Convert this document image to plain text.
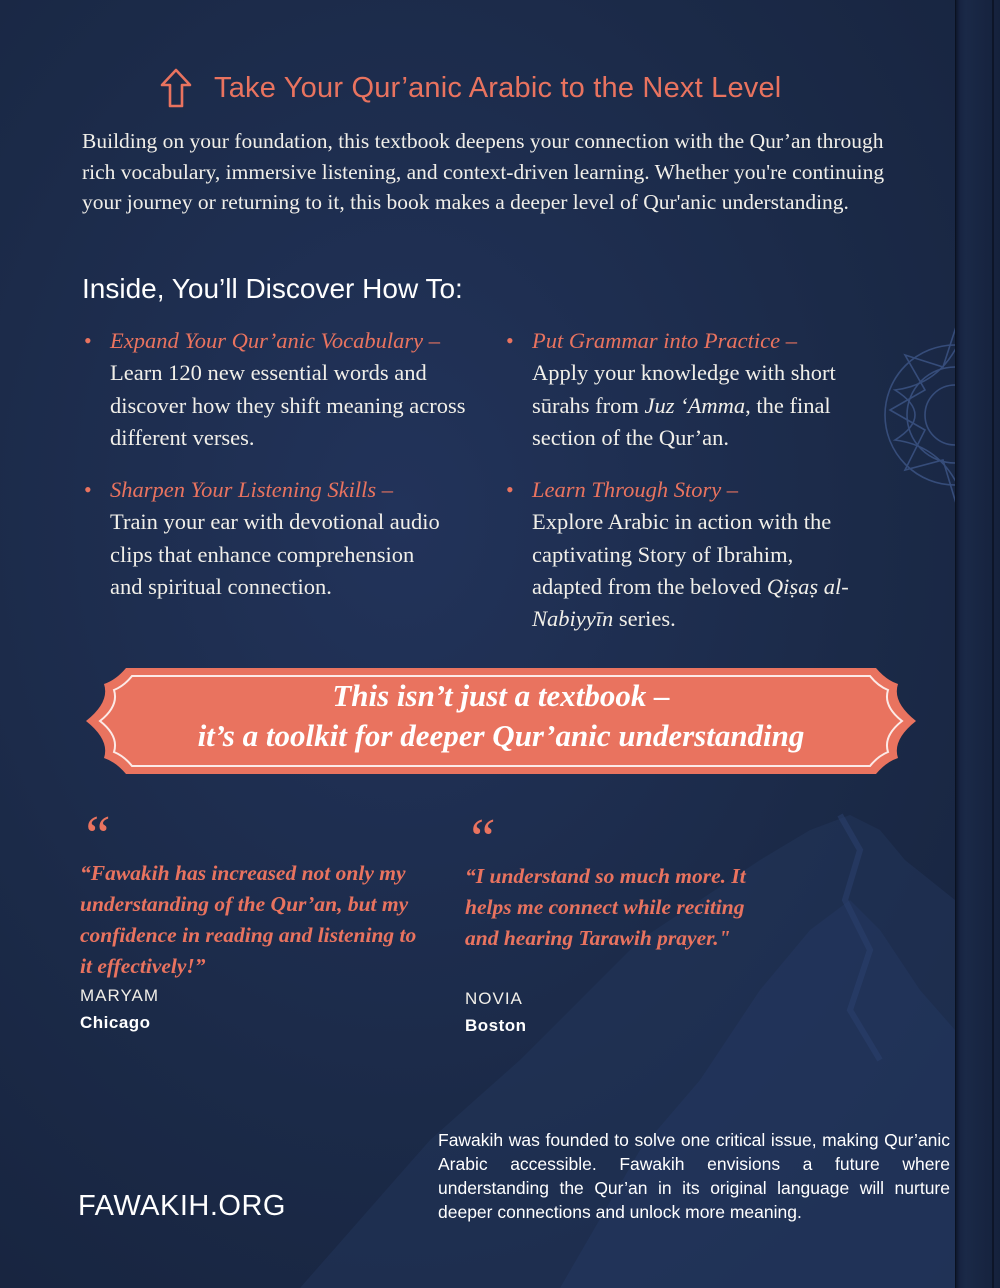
Take Your Qur’anic Arabic to the Next Level

Building on your foundation, this textbook deepens your connection with the Qur’an through rich vocabulary, immersive listening, and context-driven learning. Whether you're continuing your journey or returning to it, this book makes a deeper level of Qur'anic understanding.

Inside, You’ll Discover How To:
• Expand Your Qur’anic Vocabulary –
Learn 120 new essential words and discover how they shift meaning across different verses.
• Put Grammar into Practice –
Apply your knowledge with short sūrahs from Juz ‘Amma, the final section of the Qur’an.
• Sharpen Your Listening Skills –
Train your ear with devotional audio clips that enhance comprehension and spiritual connection.
• Learn Through Story –
Explore Arabic in action with the captivating Story of Ibrahim, adapted from the beloved Qiṣaṣ al-Nabiyyīn series.
This isn’t just a textbook –
it’s a toolkit for deeper Qur’anic understanding
“
“Fawakih has increased not only my understanding of the Qur’an, but my confidence in reading and listening to it effectively!”
MARYAM
Chicago
“
“I understand so much more. It helps me connect while reciting and hearing Tarawih prayer."
NOVIA
Boston
FAWAKIH.ORG

Fawakih was founded to solve one critical issue, making Qur’anic Arabic accessible. Fawakih envisions a future where understanding the Qur’an in its original language will nurture deeper connections and unlock more meaning.
